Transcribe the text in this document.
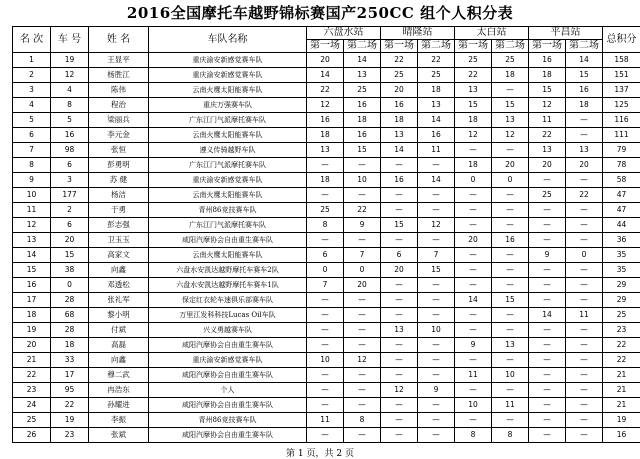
2016全国摩托车越野锦标赛国产250CC 组个人积分表
名 次	车 号	姓 名	车队名称	六盘水站		晴隆站		太白站		平昌站		总积分
				第一场	第二场	第一场	第二场	第一场	第二场	第一场	第二场	
1	19	王显平	重庆渝安新感觉赛车队	20	14	22	22	25	25	16	14	158
2	12	杨胜江	重庆渝安新感觉赛车队	14	13	25	25	22	18	18	15	151
3	4	陈伟	云南火鹰太阳能赛车队	22	25	20	18	13	—	15	16	137
4	8	程治	重庆万强赛车队	12	16	16	13	15	15	12	18	125
5	5	梁丽兵	广东江门气派摩托赛车队	16	18	18	14	18	13	11	—	116
6	16	李元金	云南火鹰太阳能赛车队	18	16	13	16	12	12	22	—	111
7	98	张恒	遵义传骑越野车队	13	15	14	11	—	—	13	13	79
8	6	彭勇明	广东江门气派摩托赛车队	—	—	—	—	18	20	20	20	78
9	3	苏 健	重庆渝安新感觉赛车队	18	10	16	14	0	0	—	—	58
10	177	杨洁	云南火鹰太阳能赛车队	—	—	—	—	—	—	25	22	47
11	2	于勇	青州86竞技赛车队	25	22	—	—	—	—	—	—	47
12	6	彭志强	广东江门气派摩托赛车队	8	9	15	12	—	—	—	—	44
13	20	卫玉玉	咸阳汽摩协会自由重生赛车队	—	—	—	—	20	16	—	—	36
14	15	高家文	云南火鹰太阳能赛车队	6	7	6	7	—	—	9	0	35
15	38	向鑫	六盘水安凯达越野摩托车赛车2队	0	0	20	15	—	—	—	—	35
16	0	邓透松	六盘水安凯达越野摩托车赛车1队	7	20	—	—	—	—	—	—	29
17	28	张礼军	保定红衣轮车速俱乐部赛车队	—	—	—	—	14	15	—	—	29
18	68	黎小明	万里江发科科技Lucas Oil车队	—	—	—	—	—	—	14	11	25
19	28	付斌	兴义勇越赛车队	—	—	13	10	—	—	—	—	23
20	18	高磊	咸阳汽摩协会自由重生赛车队	—	—	—	—	9	13	—	—	22
21	33	向鑫	重庆渝安新感觉赛车队	10	12	—	—	—	—	—	—	22
22	17	穆二武	咸阳汽摩协会自由重生赛车队	—	—	—	—	11	10	—	—	21
23	95	冉浩东	个人	—	—	12	9	—	—	—	—	21
24	22	孙耀进	咸阳汽摩协会自由重生赛车队	—	—	—	—	10	11	—	—	21
25	19	李振	青州86竞技赛车队	11	8	—	—	—	—	—	—	19
26	23	张斌	咸阳汽摩协会自由重生赛车队	—	—	—	—	8	8	—	—	16
第 1 页，共 2 页
